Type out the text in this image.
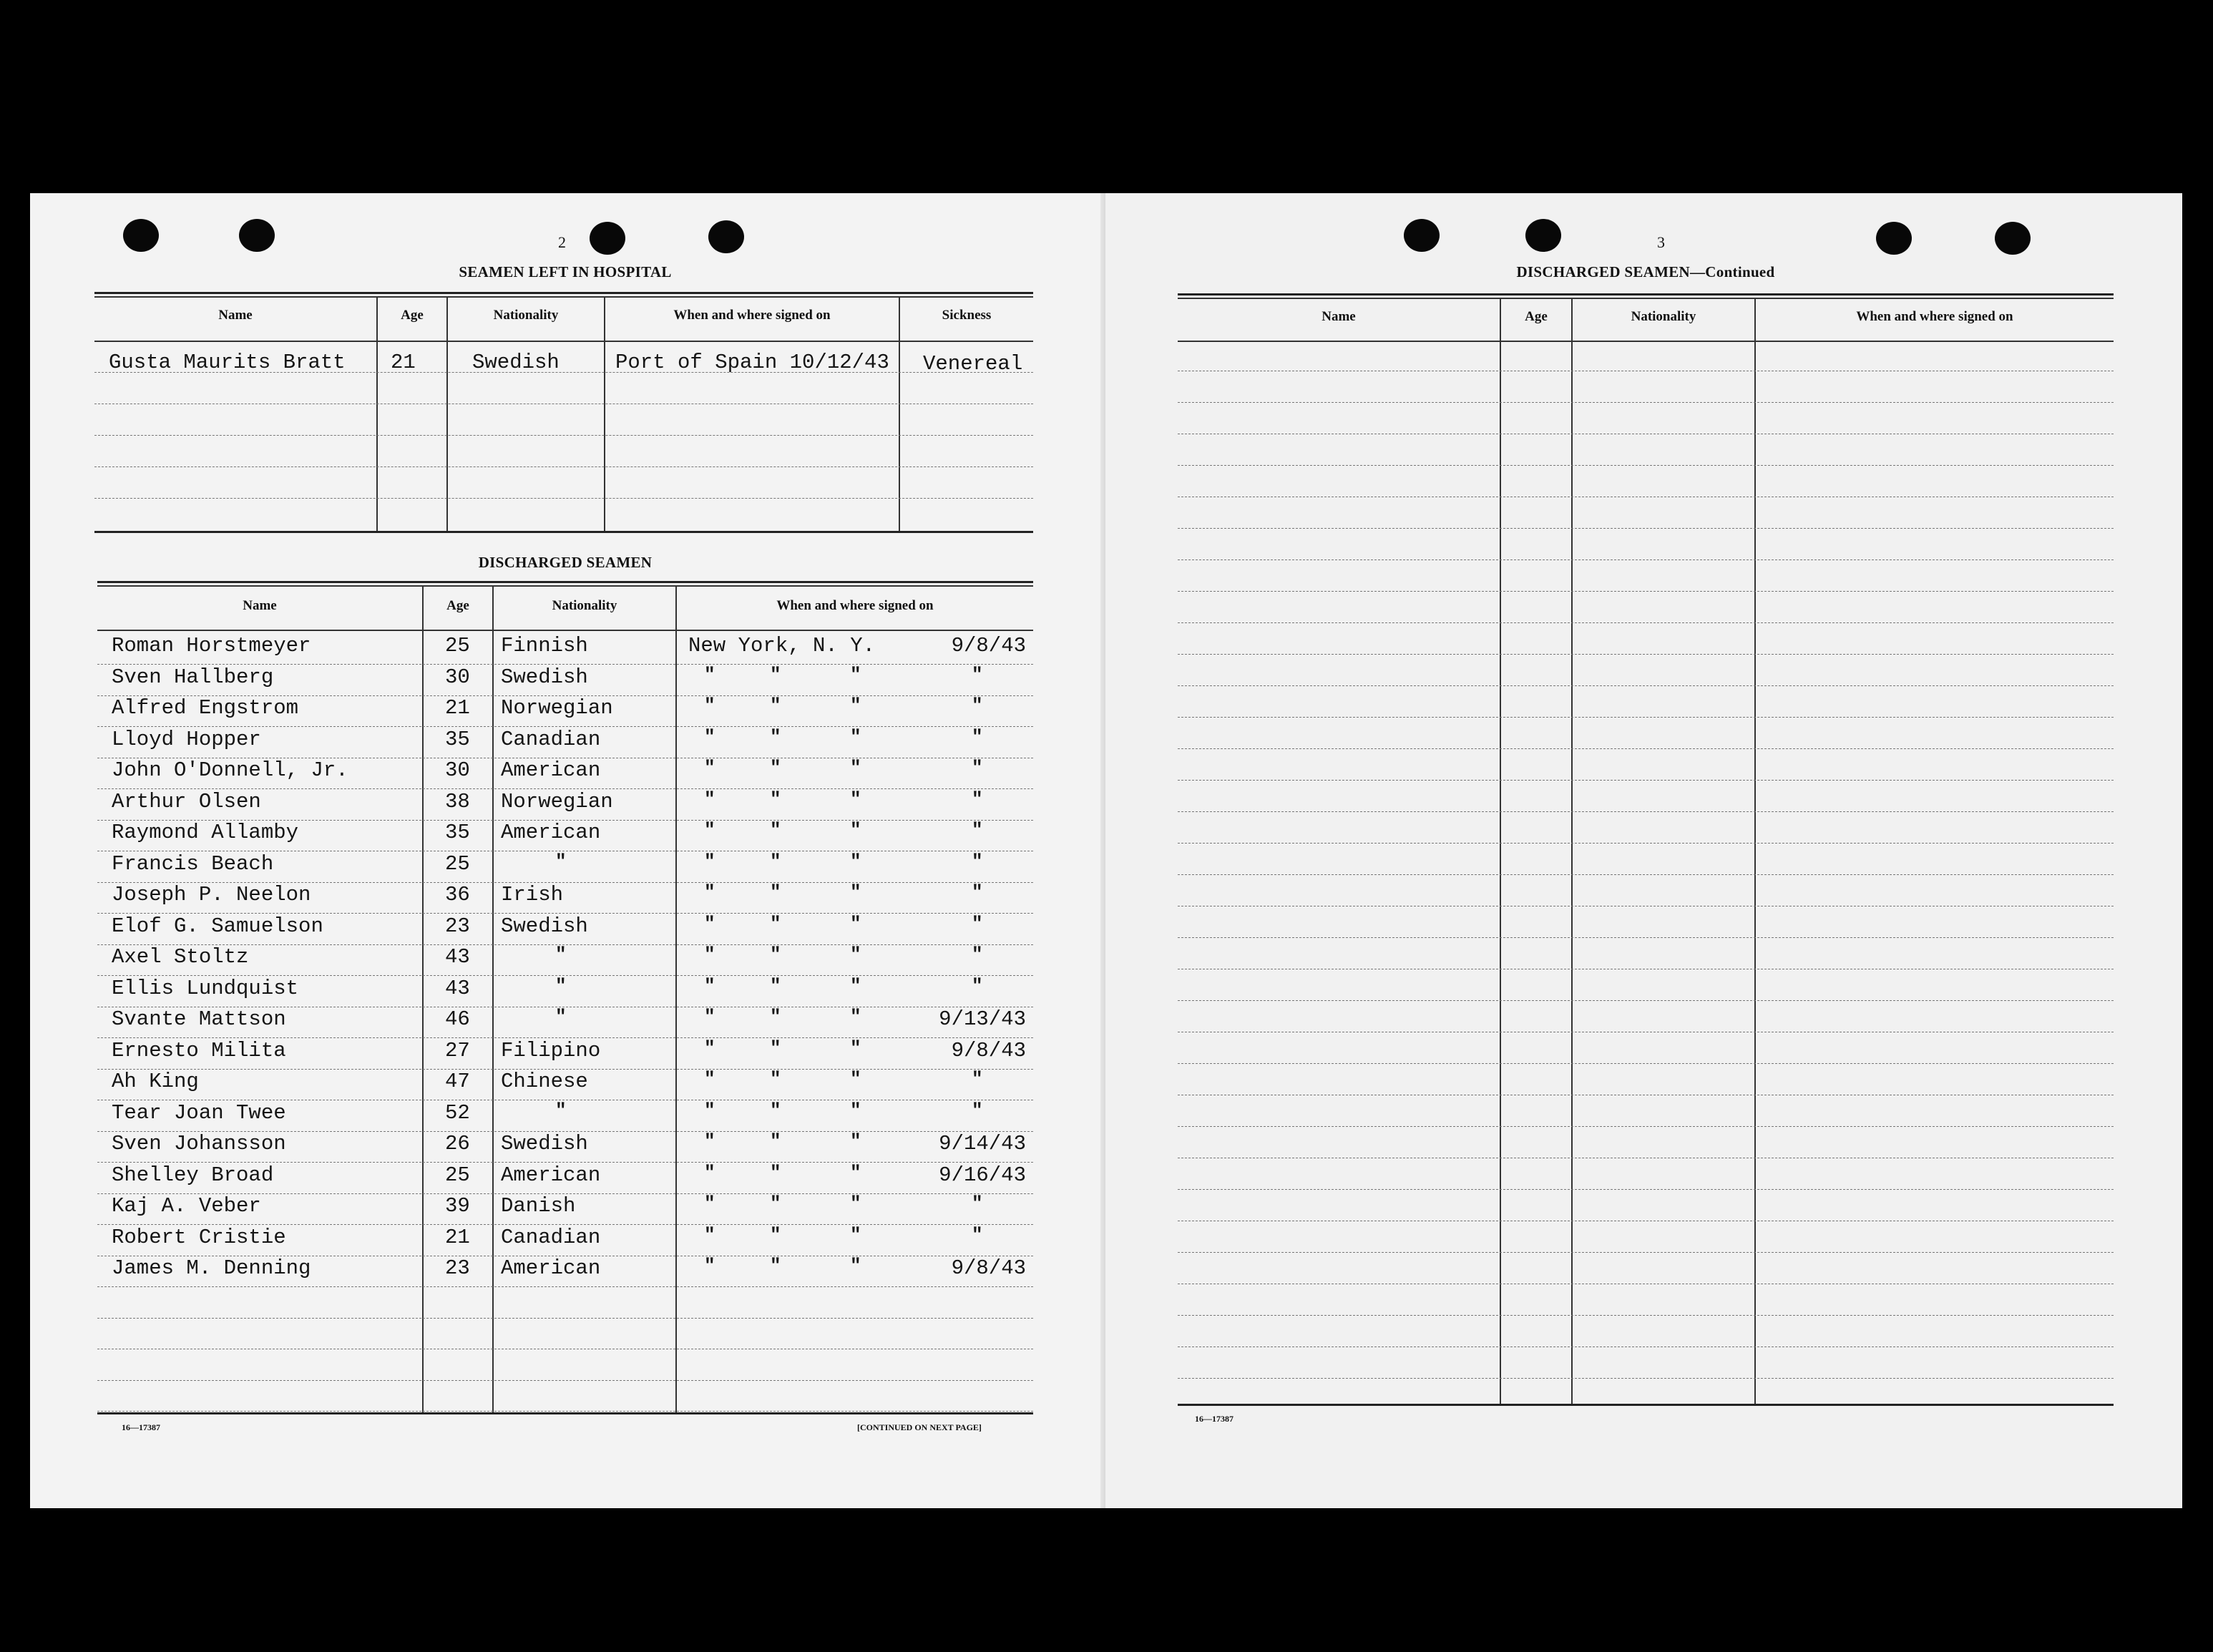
2
SEAMEN LEFT IN HOSPITAL
Name	Age	Nationality	When and where signed on	Sickness
Gusta Maurits Bratt 21	Swedish	Port of Spain 10/12/43 Venereal
DISCHARGED SEAMEN
Name	Age	Nationality	When and where signed on
Roman Horstmeyer	25 Finnish	New York, N. Y.	9/8/43
Sven Hallberg	30 Swedish	"	"	"	"
Alfred Engstrom	21 Norwegian	"	"	"	"
Lloyd Hopper	35 Canadian	"	"	"	"
John O'Donnell, Jr.	30 American	"	"	"	"
Arthur Olsen	38 Norwegian	"	"	"	"
Raymond Allamby	35 American	"	"	"	"
Francis Beach	25	"	"	"	"	"
Joseph P. Neelon	36 Irish	"	"	"	"
Elof G. Samuelson	23 Swedish	"	"	"	"
Axel Stoltz	43	"	"	"	"	"
Ellis Lundquist	43	"	"	"	"	"
Svante Mattson	46	"	"	"	"	9/13/43
Ernesto Milita	27 Filipino	"	"	"	9/8/43
Ah King	47 Chinese	"	"	"	"
Tear Joan Twee	52	"	"	"	"	"
Sven Johansson	26 Swedish	"	"	"	9/14/43
Shelley Broad	25 American	"	"	"	9/16/43
Kaj A. Veber	39 Danish	"	"	"	"
Robert Cristie	21 Canadian	"	"	"	"
James M. Denning	23 American	"	"	"	9/8/43
16—17387	[CONTINUED ON NEXT PAGE]
3
DISCHARGED SEAMEN—Continued
Name	Age	Nationality	When and where signed on
16—17387
